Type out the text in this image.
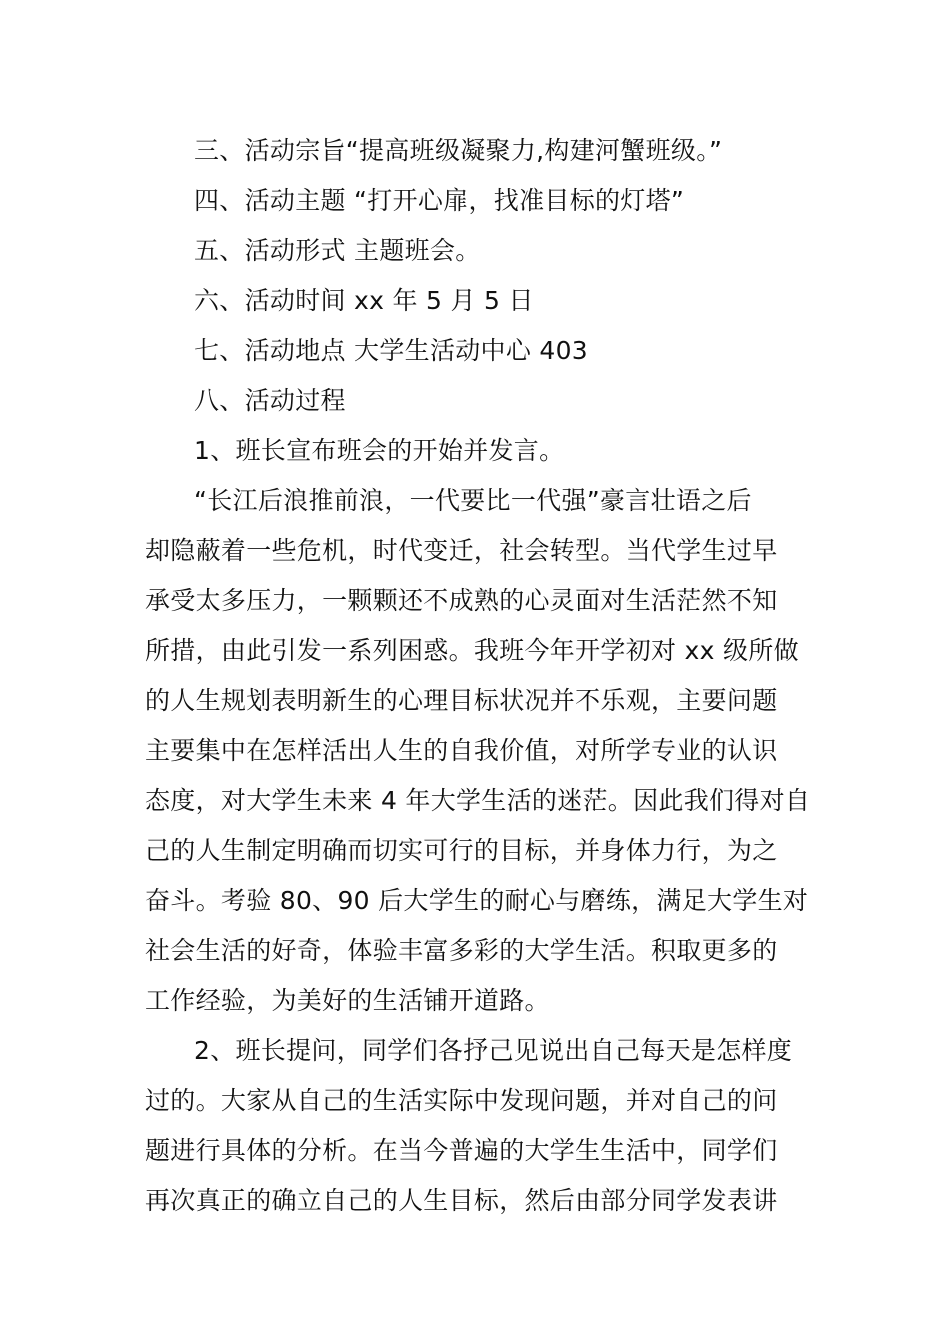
三、活动宗旨“提高班级凝聚力,构建河蟹班级。”
四、活动主题 “打开心扉，找准目标的灯塔”
五、活动形式 主题班会。
六、活动时间 xx 年 5 月 5 日
七、活动地点 大学生活动中心 403
八、活动过程
1、班长宣布班会的开始并发言。
“长江后浪推前浪，一代要比一代强”豪言壮语之后
却隐蔽着一些危机，时代变迁，社会转型。当代学生过早
承受太多压力，一颗颗还不成熟的心灵面对生活茫然不知
所措，由此引发一系列困惑。我班今年开学初对 xx 级所做
的人生规划表明新生的心理目标状况并不乐观，主要问题
主要集中在怎样活出人生的自我价值，对所学专业的认识
态度，对大学生未来 4 年大学生活的迷茫。因此我们得对自
己的人生制定明确而切实可行的目标，并身体力行，为之
奋斗。考验 80、90 后大学生的耐心与磨练，满足大学生对
社会生活的好奇，体验丰富多彩的大学生活。积取更多的
工作经验，为美好的生活铺开道路。
2、班长提问，同学们各抒己见说出自己每天是怎样度
过的。大家从自己的生活实际中发现问题，并对自己的问
题进行具体的分析。在当今普遍的大学生生活中，同学们
再次真正的确立自己的人生目标，然后由部分同学发表讲
